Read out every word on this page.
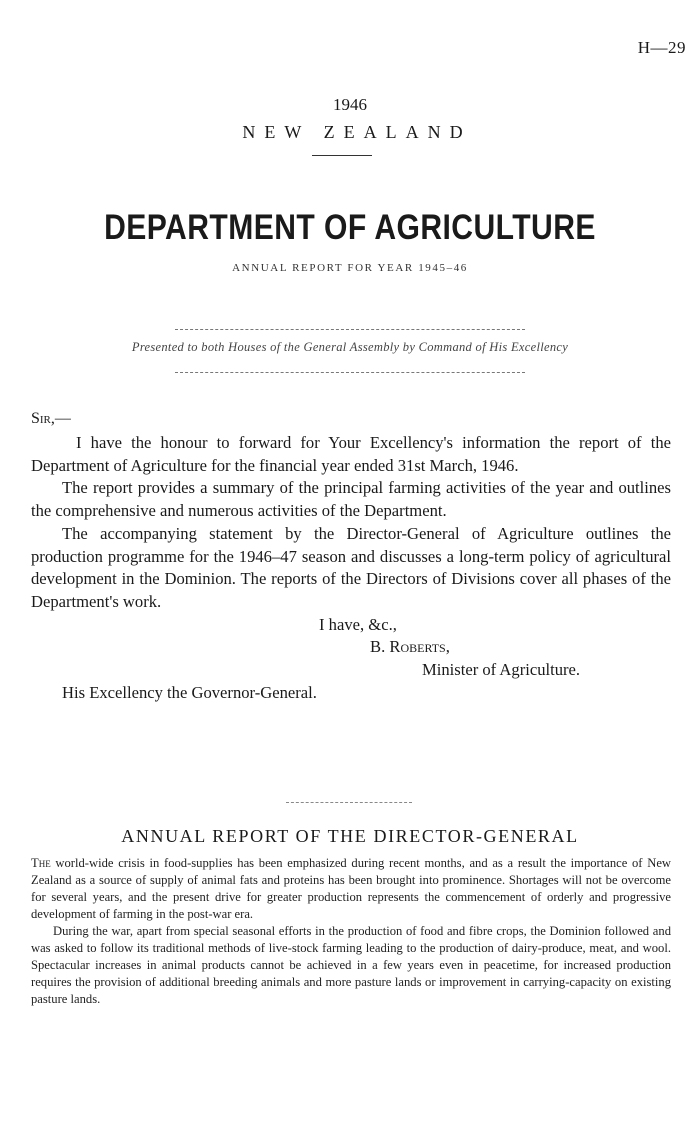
H—29
1946
NEW ZEALAND
DEPARTMENT OF AGRICULTURE
ANNUAL REPORT FOR YEAR 1945–46
Presented to both Houses of the General Assembly by Command of His Excellency
Sir,—

I have the honour to forward for Your Excellency's information the report of the Department of Agriculture for the financial year ended 31st March, 1946.

The report provides a summary of the principal farming activities of the year and outlines the comprehensive and numerous activities of the Department.

The accompanying statement by the Director-General of Agriculture outlines the production programme for the 1946–47 season and discusses a long-term policy of agricultural development in the Dominion. The reports of the Directors of Divisions cover all phases of the Department's work.

I have, &c.,
B. Roberts,
Minister of Agriculture.
His Excellency the Governor-General.
ANNUAL REPORT OF THE DIRECTOR-GENERAL

The world-wide crisis in food-supplies has been emphasized during recent months, and as a result the importance of New Zealand as a source of supply of animal fats and proteins has been brought into prominence. Shortages will not be overcome for several years, and the present drive for greater production represents the commencement of orderly and progressive development of farming in the post-war era.

During the war, apart from special seasonal efforts in the production of food and fibre crops, the Dominion followed and was asked to follow its traditional methods of live-stock farming leading to the production of dairy-produce, meat, and wool. Spectacular increases in animal products cannot be achieved in a few years even in peacetime, for increased production requires the provision of additional breeding animals and more pasture lands or improvement in carrying-capacity on existing pasture lands.
